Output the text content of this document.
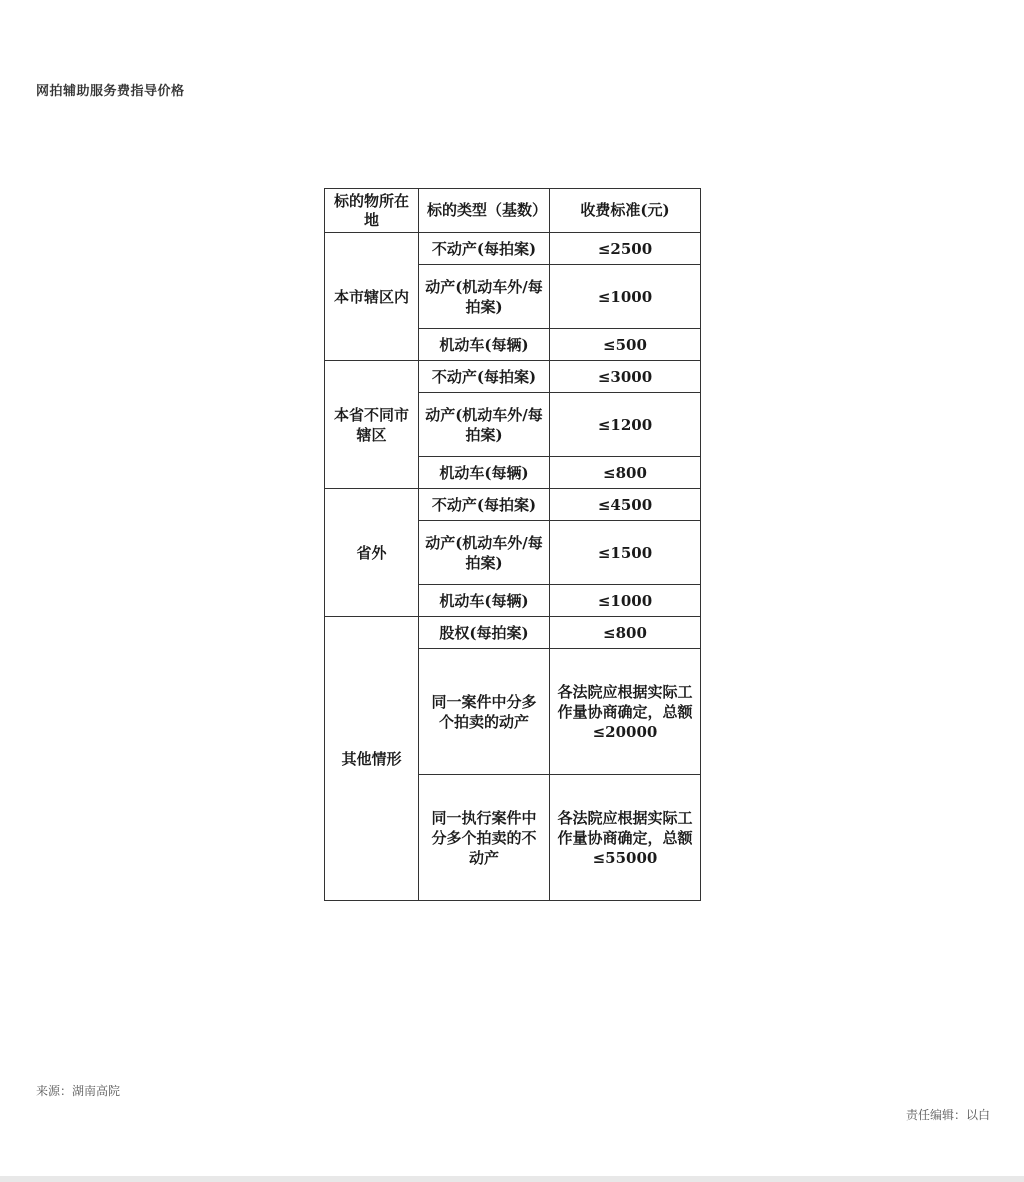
网拍辅助服务费指导价格
标的物所在地	标的类型（基数）	收费标准(元)
本市辖区内	不动产(每拍案)	≤2500
	动产(机动车外/每拍案)	≤1000
	机动车(每辆)	≤500
本省不同市辖区	不动产(每拍案)	≤3000
	动产(机动车外/每拍案)	≤1200
	机动车(每辆)	≤800
省外	不动产(每拍案)	≤4500
	动产(机动车外/每拍案)	≤1500
	机动车(每辆)	≤1000
其他情形	股权(每拍案)	≤800
	同一案件中分多个拍卖的动产	各法院应根据实际工作量协商确定，总额≤20000
	同一执行案件中分多个拍卖的不动产	各法院应根据实际工作量协商确定，总额≤55000
来源：湖南高院
责任编辑：以白
